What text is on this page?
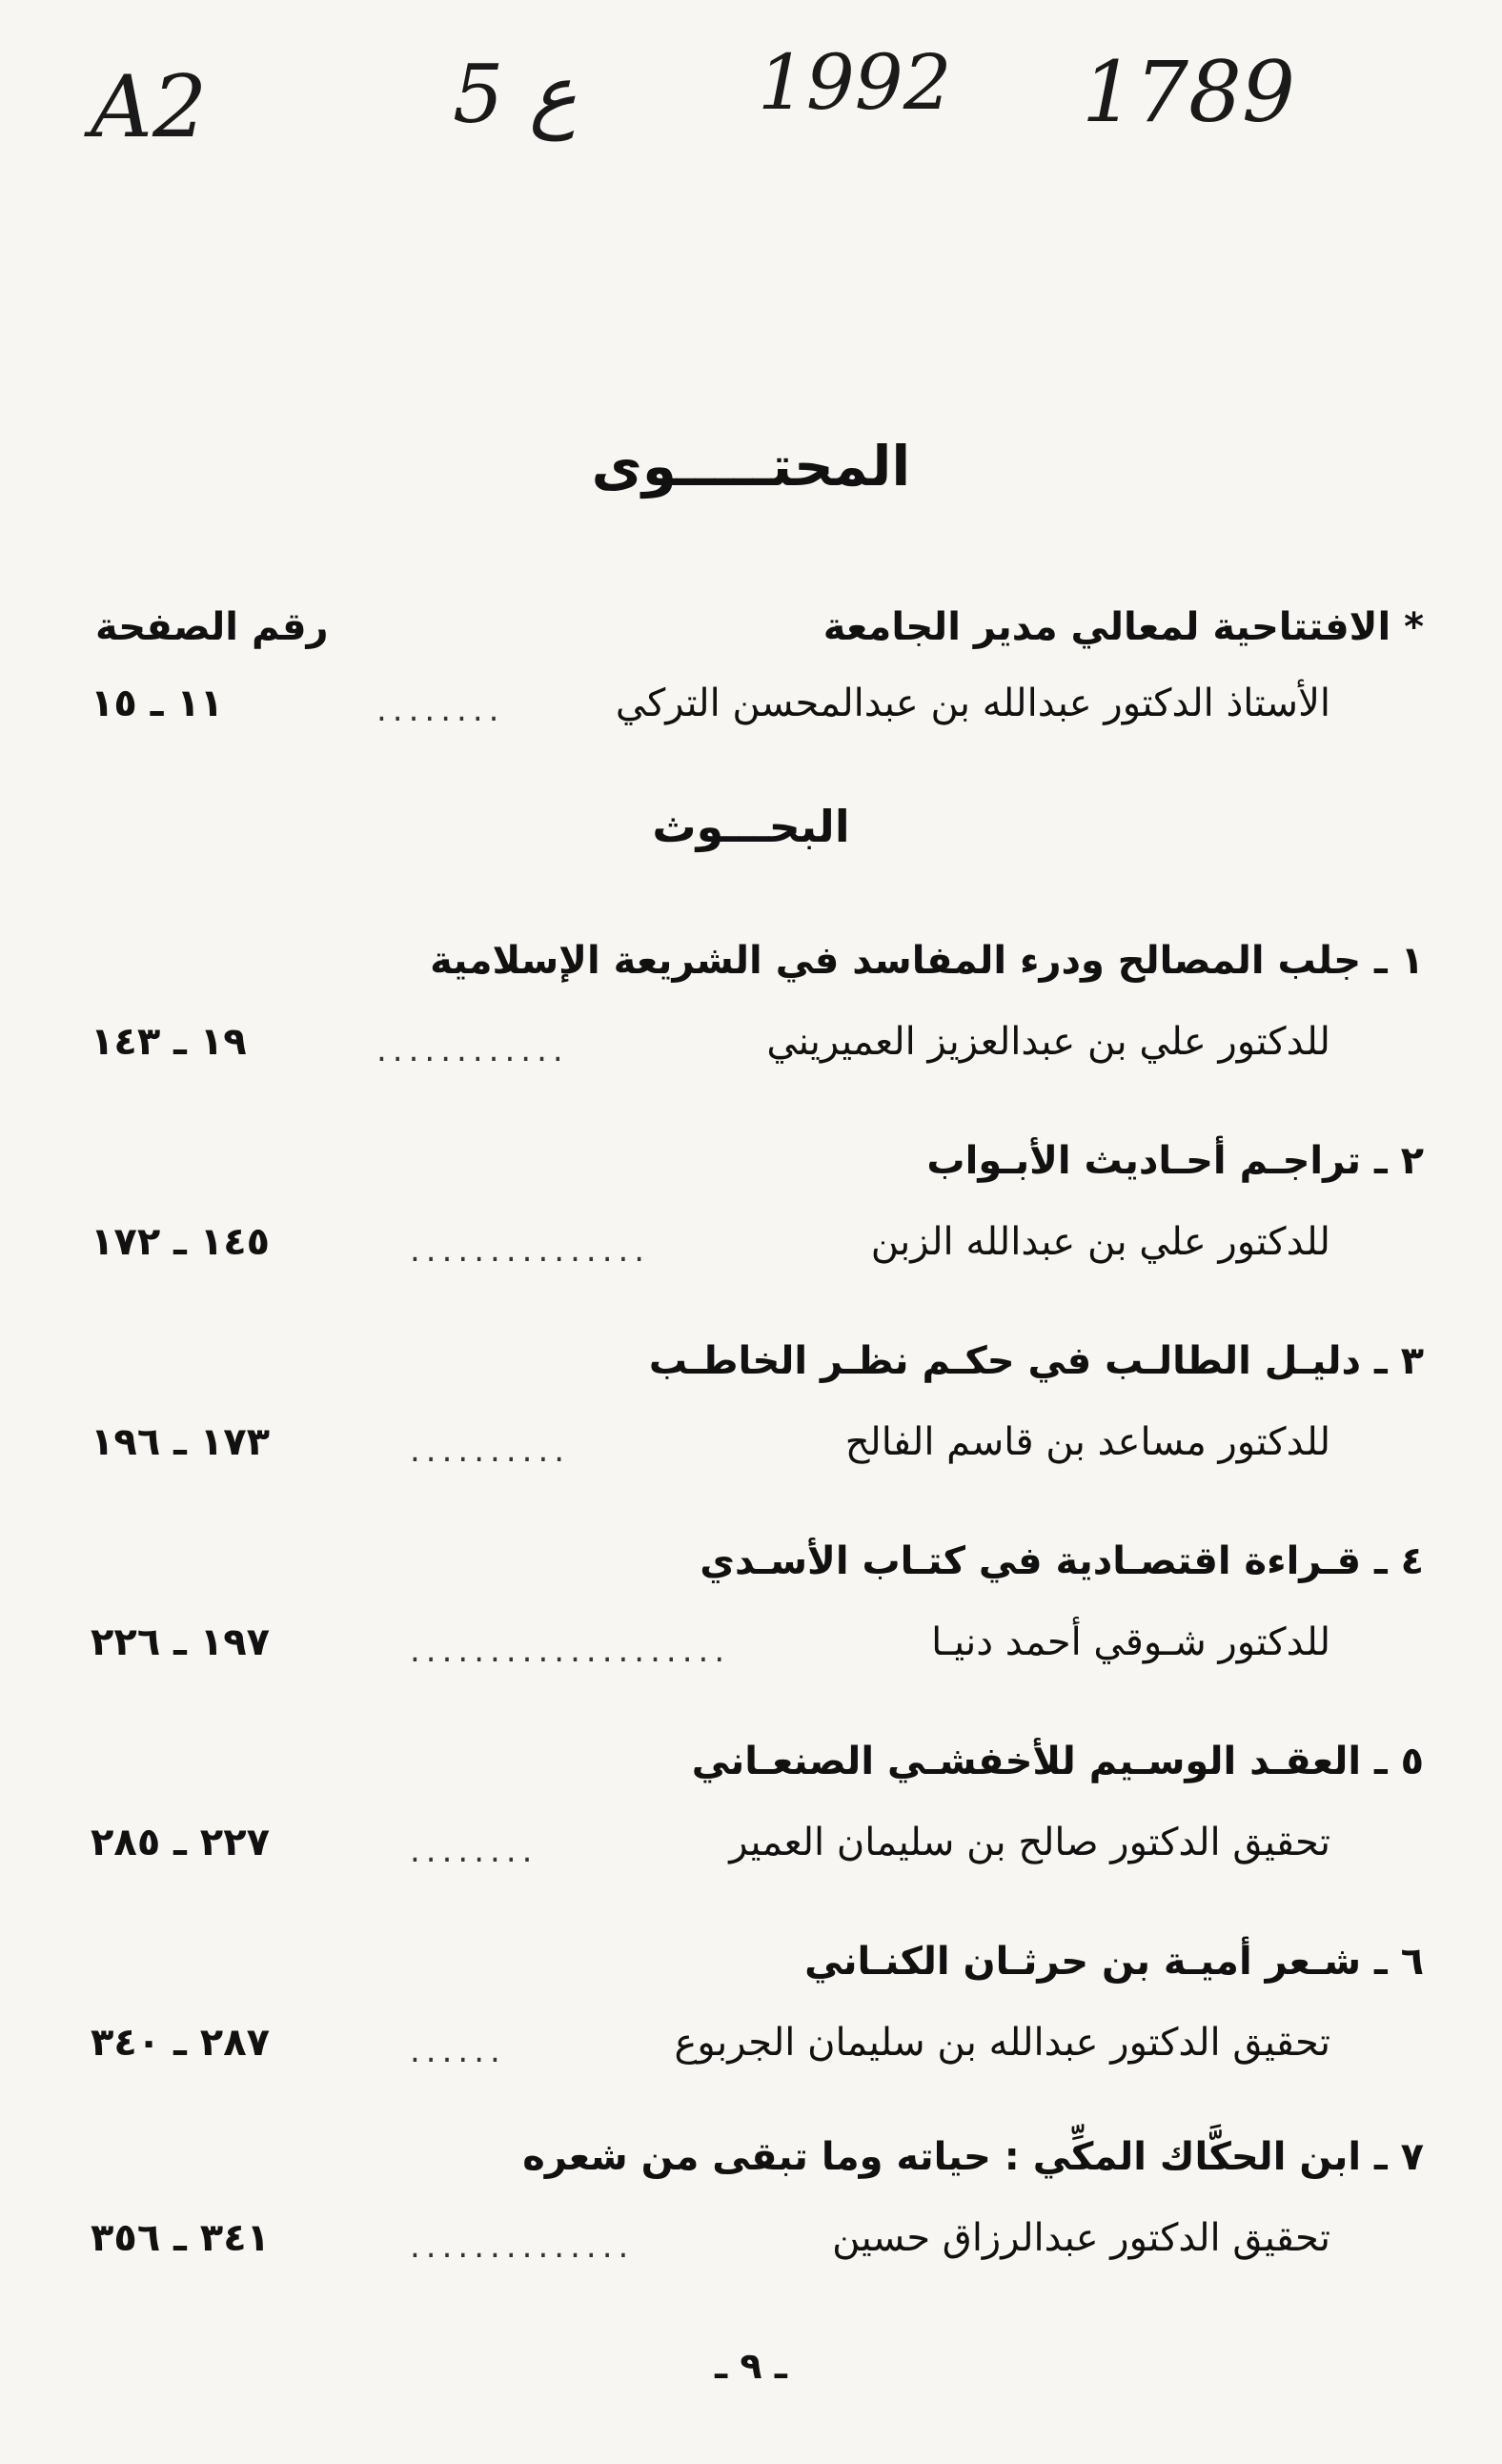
A2	5 ع 1992 1789
المحتـــــوى
* الافتتاحية لمعالي مدير الجامعة
رقم الصفحة
الأستاذ الدكتور عبدالله بن عبدالمحسن التركي
........
١١ ـ ١٥
البحـــوث
١ ـ جلب المصالح ودرء المفاسد في الشريعة الإسلامية
للدكتور علي بن عبدالعزيز العميريني
............
١٩ ـ ١٤٣
٢ ـ تراجـم أحـاديث الأبـواب
للدكتور علي بن عبدالله الزبن
...............
١٤٥ ـ ١٧٢
٣ ـ دليـل الطالـب في حكـم نظـر الخاطـب
للدكتور مساعد بن قاسم الفالح
..........
١٧٣ ـ ١٩٦
٤ ـ قـراءة اقتصـادية في كتـاب الأسـدي
للدكتور شـوقي أحمد دنيـا
....................
١٩٧ ـ ٢٢٦
٥ ـ العقـد الوسـيم للأخفشـي الصنعـاني
تحقيق الدكتور صالح بن سليمان العمير
........
٢٢٧ ـ ٢٨٥
٦ ـ شـعر أميـة بن حرثـان الكنـاني
تحقيق الدكتور عبدالله بن سليمان الجربوع
......
٢٨٧ ـ ٣٤٠
٧ ـ ابن الحكَّاك المكِّي : حياته وما تبقى من شعره
تحقيق الدكتور عبدالرزاق حسين
..............
٣٤١ ـ ٣٥٦
ـ ٩ ـ
